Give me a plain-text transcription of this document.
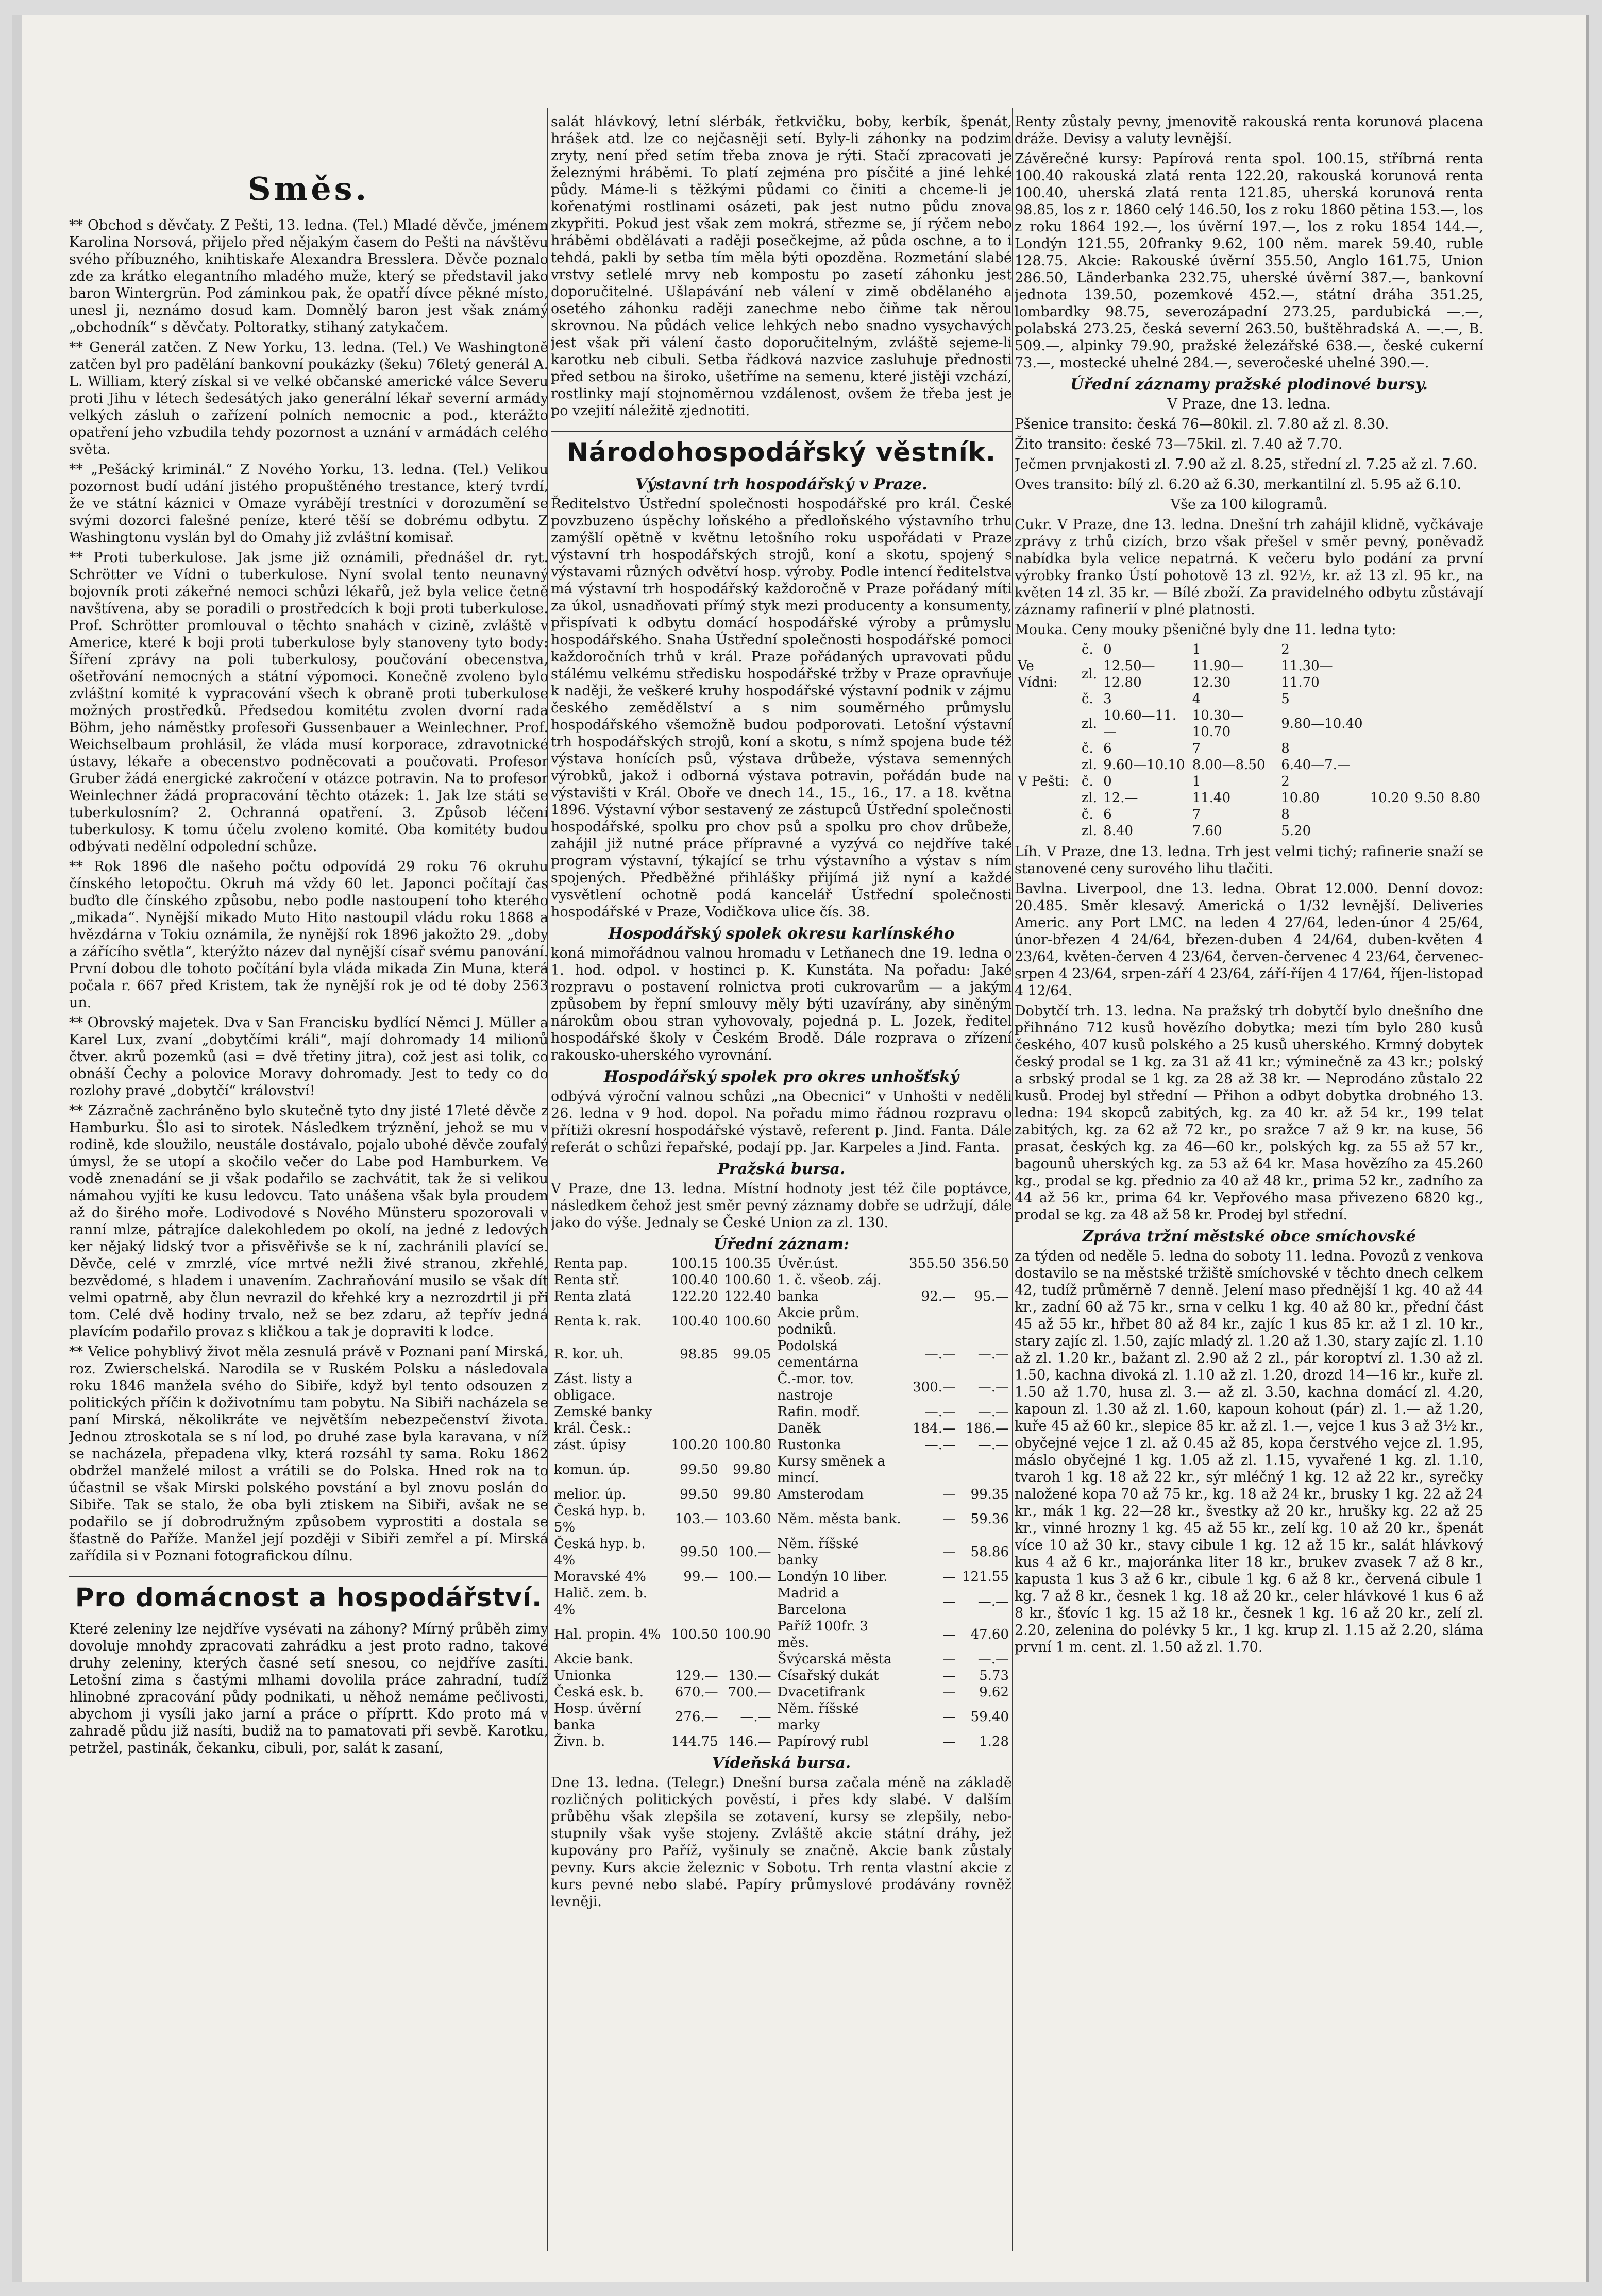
Směs.

** Obchod s děvčaty. Z Pešti, 13. ledna. (Tel.) Mladé děvče, jménem Karolina Norsová, přijelo před nějakým časem do Pešti na návštěvu svého příbuzného, knihtiskaře Alexandra Bresslera. Děvče poznalo zde za krátko elegantního mladého muže, který se představil jako baron Wintergrün. Pod záminkou pak, že opatří dívce pěkné místo, unesl ji, neznámo dosud kam. Domnělý baron jest však známý „obchodník“ s děvčaty. Poltoratky, stihaný zatykačem.

** Generál zatčen. Z New Yorku, 13. ledna. (Tel.) Ve Washingtoně zatčen byl pro padělání bankovní poukázky (šeku) 76letý generál A. L. William, který získal si ve velké občanské americké válce Severu proti Jihu v létech šedesátých jako generální lékař severní armády velkých zásluh o zařízení polních nemocnic a pod., kterážto opatření jeho vzbudila tehdy pozornost a uznání v armádách celého světa.

** „Pešácký kriminál.“ Z Nového Yorku, 13. ledna. (Tel.) Velikou pozornost budí udání jistého propuštěného trestance, který tvrdí, že ve státní káznici v Omaze vyrábějí trestníci v dorozumění se svými dozorci falešné peníze, které těší se dobrému odbytu. Z Washingtonu vyslán byl do Omahy již zvláštní komisař.

** Proti tuberkulose. Jak jsme již oznámili, přednášel dr. ryt. Schrötter ve Vídni o tuberkulose. Nyní svolal tento neunavný bojovník proti zákeřné nemoci schůzi lékařů, jež byla velice četně navštívena, aby se poradili o prostředcích k boji proti tuberkulose. Prof. Schrötter promlouval o těchto snahách v cizině, zvláště v Americe, které k boji proti tuberkulose byly stanoveny tyto body: Šíření zprávy na poli tuberkulosy, poučování obecenstva, ošetřování nemocných a státní výpomoci. Konečně zvoleno bylo zvláštní komité k vypracování všech k obraně proti tuberkulose možných prostředků. Předsedou komitétu zvolen dvorní rada Böhm, jeho náměstky profesoři Gussenbauer a Weinlechner. Prof. Weichselbaum prohlásil, že vláda musí korporace, zdravotnické ústavy, lékaře a obecenstvo podněcovati a poučovati. Profesor Gruber žádá energické zakročení v otázce potravin. Na to profesor Weinlechner žádá propracování těchto otázek: 1. Jak lze státi se tuberkulosním? 2. Ochranná opatření. 3. Způsob léčení tuberkulosy. K tomu účelu zvoleno komité. Oba komitéty budou odbývati nedělní odpolední schůze.

** Rok 1896 dle našeho počtu odpovídá 29 roku 76 okruhu čínského letopočtu. Okruh má vždy 60 let. Japonci počítají čas buďto dle čínského způsobu, nebo podle nastoupení toho kterého „mikada“. Nynější mikado Muto Hito nastoupil vládu roku 1868 a hvězdárna v Tokiu oznámila, že nynější rok 1896 jakožto 29. „doby a zářícího světla“, kterýžto název dal nynější císař svému panování. První dobou dle tohoto počítání byla vláda mikada Zin Muna, která počala r. 667 před Kristem, tak že nynější rok je od té doby 2563 un.

** Obrovský majetek. Dva v San Francisku bydlící Němci J. Müller a Karel Lux, zvaní „dobytčími králi“, mají dohromady 14 milionů čtver. akrů pozemků (asi = dvě třetiny jitra), což jest asi tolik, co obnáší Čechy a polovice Moravy dohromady. Jest to tedy co do rozlohy pravé „dobytčí“ království!

** Zázračně zachráněno bylo skutečně tyto dny jisté 17leté děvče z Hamburku. Šlo asi to sirotek. Následkem trýznění, jehož se mu v rodině, kde sloužilo, neustále dostávalo, pojalo ubohé děvče zoufalý úmysl, že se utopí a skočilo večer do Labe pod Hamburkem. Ve vodě znenadání se ji však podařilo se zachvátit, tak že si velikou námahou vyjíti ke kusu ledovcu. Tato unášena však byla proudem až do širého moře. Lodivodové s Nového Münsteru spozorovali v ranní mlze, pátrajíce dalekohledem po okolí, na jedné z ledových ker nějaký lidský tvor a přisvěřivše se k ní, zachránili plavící se. Děvče, celé v zmrzlé, více mrtvé nežli živé stranou, zkřehlé, bezvědomé, s hladem i unavením. Zachraňování musilo se však dít velmi opatrně, aby člun nevrazil do křehké kry a nezrozdrtil ji při tom. Celé dvě hodiny trvalo, než se bez zdaru, až tepřív jedná plavícím podařilo provaz s kličkou a tak je dopraviti k lodce.

** Velice pohyblivý život měla zesnulá právě v Poznani paní Mirská, roz. Zwierschelská. Narodila se v Ruském Polsku a následovala roku 1846 manžela svého do Sibiře, když byl tento odsouzen z politických příčin k doživotnímu tam pobytu. Na Sibiři nacházela se paní Mirská, několikráte ve největším nebezpečenství života. Jednou ztroskotala se s ní lod, po druhé zase byla karavana, v níž se nacházela, přepadena vlky, která rozsáhl ty sama. Roku 1862 obdržel manželé milost a vrátili se do Polska. Hned rok na to účastnil se však Mirski polského povstání a byl znovu poslán do Sibiře. Tak se stalo, že oba byli ztiskem na Sibiři, avšak ne se podařilo se jí dobrodružným způsobem vyprostiti a dostala se šťastně do Paříže. Manžel její později v Sibiři zemřel a pí. Mirská zařídila si v Poznani fotografickou dílnu.

Pro domácnost a hospodářství.

Které zeleniny lze nejdříve vysévati na záhony? Mírný průběh zimy dovoluje mnohdy zpracovati zahrádku a jest proto radno, takové druhy zeleniny, kterých časné setí snesou, co nejdříve zasíti. Letošní zima s častými mlhami dovolila práce zahradní, tudíž hlinobné zpracování půdy podnikati, u něhož nemáme pečlivosti, abychom ji vysíli jako jarní a práce o příprtt. Kdo proto má v zahradě půdu již nasíti, budiž na to pamatovati při sevbě. Karotku, petržel, pastinák, čekanku, cibuli, por, salát k zasaní,

salát hlávkový, letní slérbák, řetkvičku, boby, kerbík, špenát, hrášek atd. lze co nejčasněji setí. Byly-li záhonky na podzim zryty, není před setím třeba znova je rýti. Stačí zpracovati je železnými hráběmi. To platí zejména pro písčité a jiné lehké půdy. Máme-li s těžkými půdami co činiti a chceme-li je kořenatými rostlinami osázeti, pak jest nutno půdu znova zkypřiti. Pokud jest však zem mokrá, střezme se, jí rýčem nebo hráběmi obdělávati a raději posečkejme, až půda oschne, a to i tehdá, pakli by setba tím měla býti opozděna. Rozmetání slabé vrstvy setlelé mrvy neb kompostu po zasetí záhonku jest doporučitelné. Ušlapávání neb válení v zimě obdělaného a osetého záhonku raději zanechme nebo čiňme tak něrou skrovnou. Na půdách velice lehkých nebo snadno vysychavých jest však při válení často doporučitelným, zvláště sejeme-li karotku neb cibuli. Setba řádková nazvice zasluhuje přednosti před setbou na široko, ušetříme na semenu, které jistěji vzchází, rostlinky mají stojnoměrnou vzdálenost, ovšem že třeba jest je po vzejití náležitě zjednotiti.

Národohospodářský věstník.
Výstavní trh hospodářský v Praze.

Ředitelstvo Ústřední společnosti hospodářské pro král. České povzbuzeno úspěchy loňského a předloňského výstavního trhu zamýšlí opětně v květnu letošního roku uspořádati v Praze výstavní trh hospodářských strojů, koní a skotu, spojený s výstavami různých odvětví hosp. výroby. Podle intencí ředitelstva má výstavní trh hospodářský každoročně v Praze pořádaný míti za úkol, usnadňovati přímý styk mezi producenty a konsumenty, přispívati k odbytu domácí hospodářské výroby a průmyslu hospodářského. Snaha Ústřední společnosti hospodářské pomoci každoročních trhů v král. Praze pořádaných upravovati půdu stálému velkému středisku hospodářské tržby v Praze opravňuje k naději, že veškeré kruhy hospodářské výstavní podnik v zájmu českého zemědělství a s nim souměrného průmyslu hospodářského všemožně budou podporovati. Letošní výstavní trh hospodářských strojů, koní a skotu, s nímž spojena bude též výstava honících psů, výstava drůbeže, výstava semenných výrobků, jakož i odborná výstava potravin, pořádán bude na výstavišti v Král. Oboře ve dnech 14., 15., 16., 17. a 18. května 1896. Výstavní výbor sestavený ze zástupců Ústřední společnosti hospodářské, spolku pro chov psů a spolku pro chov drůbeže, zahájil již nutné práce přípravné a vyzývá co nejdříve také program výstavní, týkající se trhu výstavního a výstav s ním spojených. Předběžné přihlášky přijímá již nyní a každé vysvětlení ochotně podá kancelář Ústřední společnosti hospodářské v Praze, Vodičkova ulice čís. 38.

Hospodářský spolek okresu karlínského

koná mimořádnou valnou hromadu v Letňanech dne 19. ledna o 1. hod. odpol. v hostinci p. K. Kunstáta. Na pořadu: Jaké rozpravu o postavení rolnictva proti cukrovarům — a jakým způsobem by řepní smlouvy měly býti uzavírány, aby siněným nárokům obou stran vyhovovaly, pojedná p. L. Jozek, ředitel hospodářské školy v Českém Brodě. Dále rozprava o zřízení rakousko-uherského vyrovnání.

Hospodářský spolek pro okres unhošťský

odbývá výroční valnou schůzi „na Obecnici“ v Unhošti v neděli 26. ledna v 9 hod. dopol. Na pořadu mimo řádnou rozpravu o přítiži okresní hospodářské výstavě, referent p. Jind. Fanta. Dále referát o schůzi řepařské, podají pp. Jar. Karpeles a Jind. Fanta.

Pražská bursa.

V Praze, dne 13. ledna. Místní hodnoty jest též čile poptávce, následkem čehož jest směr pevný záznamy dobře se udržují, dále jako do výše. Jednaly se České Union za zl. 130.

Úřední záznam:
Renta pap.	100.15	100.35	Úvěr.úst.	355.50	356.50
Renta stř.	100.40	100.60	1. č. všeob. záj.		
Renta zlatá	122.20	122.40	banka	92.—	95.—
Renta k. rak.	100.40	100.60	Akcie prům. podniků.		
R. kor. uh.	98.85	99.05	Podolská cementárna	—.—	—.—
Zást. listy a obligace.			Č.-mor. tov. nastroje	300.—	—.—
Zemské banky			Rafin. modř.	—.—	—.—
král. Česk.:			Daněk	184.—	186.—
zást. úpisy	100.20	100.80	Rustonka	—.—	—.—
komun. úp.	99.50	99.80	Kursy směnek a mincí.		
melior. úp.	99.50	99.80	Amsterodam	—	99.35
Česká hyp. b. 5%	103.—	103.60	Něm. města bank.	—	59.36
Česká hyp. b. 4%	99.50	100.—	Něm. říšské banky	—	58.86
Moravské 4%	99.—	100.—	Londýn 10 liber.	—	121.55
Halič. zem. b. 4%			Madrid a Barcelona	—	—.—
Hal. propin. 4%	100.50	100.90	Paříž 100fr. 3 měs.	—	47.60
Akcie bank.			Švýcarská města	—	—.—
Unionka	129.—	130.—	Císařský dukát	—	5.73
Česká esk. b.	670.—	700.—	Dvacetifrank	—	9.62
Hosp. úvěrní banka	276.—	—.—	Něm. říšské marky	—	59.40
Živn. b.	144.75	146.—	Papírový rubl	—	1.28
Vídeňská bursa.

Dne 13. ledna. (Telegr.) Dnešní bursa začala méně na základě rozličných politických pověstí, i přes kdy slabé. V dalším průběhu však zlepšila se zotavení, kursy se zlepšily, nebo-stupnily však vyše stojeny. Zvláště akcie státní dráhy, jež kupovány pro Paříž, vyšinuly se značně. Akcie bank zůstaly pevny. Kurs akcie železnic v Sobotu. Trh renta vlastní akcie z kurs pevné nebo slabé. Papíry průmyslové prodávány rovněž levněji.

Renty zůstaly pevny, jmenovitě rakouská renta korunová placena dráže. Devisy a valuty levnější.

Závěrečné kursy: Papírová renta spol. 100.15, stříbrná renta 100.40 rakouská zlatá renta 122.20, rakouská korunová renta 100.40, uherská zlatá renta 121.85, uherská korunová renta 98.85, los z r. 1860 celý 146.50, los z roku 1860 pětina 153.—, los z roku 1864 192.—, los úvěrní 197.—, los z roku 1854 144.—, Londýn 121.55, 20franky 9.62, 100 něm. marek 59.40, ruble 128.75. Akcie: Rakouské úvěrní 355.50, Anglo 161.75, Union 286.50, Länderbanka 232.75, uherské úvěrní 387.—, bankovní jednota 139.50, pozemkové 452.—, státní dráha 351.25, lombardky 98.75, severozápadní 273.25, pardubická —.—, polabská 273.25, česká severní 263.50, buštěhradská A. —.—, B. 509.—, alpinky 79.90, pražské železářské 638.—, české cukerní 73.—, mostecké uhelné 284.—, severočeské uhelné 390.—.

Úřední záznamy pražské plodinové bursy.

V Praze, dne 13. ledna.

Pšenice transito: česká 76—80kil. zl. 7.80 až zl. 8.30.

Žito transito: české 73—75kil. zl. 7.40 až 7.70.

Ječmen prvnjakosti zl. 7.90 až zl. 8.25, střední zl. 7.25 až zl. 7.60.

Oves transito: bílý zl. 6.20 až 6.30, merkantilní zl. 5.95 až 6.10.

Vše za 100 kilogramů.

Cukr. V Praze, dne 13. ledna. Dnešní trh zahájil klidně, vyčkávaje zprávy z trhů cizích, brzo však přešel v směr pevný, poněvadž nabídka byla velice nepatrná. K večeru bylo podání za první výrobky franko Ústí pohotově 13 zl. 92½, kr. až 13 zl. 95 kr., na květen 14 zl. 35 kr. — Bílé zboží. Za pravidelného odbytu zůstávají záznamy rafinerií v plné platnosti.

Mouka. Ceny mouky pšeničné byly dne 11. ledna tyto:

	č.	0	1	2			
Ve Vídni:	zl.	12.50—12.80	11.90—12.30	11.30—11.70			
	č.	3	4	5			
	zl.	10.60—11.—	10.30—10.70	9.80—10.40			
	č.	6	7	8			
	zl.	9.60—10.10	8.00—8.50	6.40—7.—			
V Pešti:	č.	0	1	2			
	zl.	12.—	11.40	10.80	10.20	9.50	8.80
	č.	6	7	8			
	zl.	8.40	7.60	5.20			

Líh. V Praze, dne 13. ledna. Trh jest velmi tichý; rafinerie snaží se stanovené ceny surového lihu tlačiti.

Bavlna. Liverpool, dne 13. ledna. Obrat 12.000. Denní dovoz: 20.485. Směr klesavý. Americká o 1/32 levnější. Deliveries Americ. any Port LMC. na leden 4 27/64, leden-únor 4 25/64, únor-březen 4 24/64, březen-duben 4 24/64, duben-květen 4 23/64, květen-červen 4 23/64, červen-červenec 4 23/64, červenec-srpen 4 23/64, srpen-září 4 23/64, září-říjen 4 17/64, říjen-listopad 4 12/64.

Dobytčí trh. 13. ledna. Na pražský trh dobytčí bylo dnešního dne přihnáno 712 kusů hovězího dobytka; mezi tím bylo 280 kusů českého, 407 kusů polského a 25 kusů uherského. Krmný dobytek český prodal se 1 kg. za 31 až 41 kr.; výminečně za 43 kr.; polský a srbský prodal se 1 kg. za 28 až 38 kr. — Neprodáno zůstalo 22 kusů. Prodej byl střední — Přihon a odbyt dobytka drobného 13. ledna: 194 skopců zabitých, kg. za 40 kr. až 54 kr., 199 telat zabitých, kg. za 62 až 72 kr., po sražce 7 až 9 kr. na kuse, 56 prasat, českých kg. za 46—60 kr., polských kg. za 55 až 57 kr., bagounů uherských kg. za 53 až 64 kr. Masa hovězího za 45.260 kg., prodal se kg. přednio za 40 až 48 kr., prima 52 kr., zadního za 44 až 56 kr., prima 64 kr. Vepřového masa přivezeno 6820 kg., prodal se kg. za 48 až 58 kr. Prodej byl střední.

Zpráva tržní městské obce smíchovské

za týden od neděle 5. ledna do soboty 11. ledna. Povozů z venkova dostavilo se na městské tržiště smíchovské v těchto dnech celkem 42, tudíž průměrně 7 denně. Jelení maso přednější 1 kg. 40 až 44 kr., zadní 60 až 75 kr., srna v celku 1 kg. 40 až 80 kr., přední část 45 až 55 kr., hřbet 80 až 84 kr., zajíc 1 kus 85 kr. až 1 zl. 10 kr., stary zajíc zl. 1.50, zajíc mladý zl. 1.20 až 1.30, stary zajíc zl. 1.10 až zl. 1.20 kr., bažant zl. 2.90 až 2 zl., pár koroptví zl. 1.30 až zl. 1.50, kachna divoká zl. 1.10 až zl. 1.20, drozd 14—16 kr., kuře zl. 1.50 až 1.70, husa zl. 3.— až zl. 3.50, kachna domácí zl. 4.20, kapoun zl. 1.30 až zl. 1.60, kapoun kohout (pár) zl. 1.— až 1.20, kuře 45 až 60 kr., slepice 85 kr. až zl. 1.—, vejce 1 kus 3 až 3½ kr., obyčejné vejce 1 zl. až 0.45 až 85, kopa čerstvého vejce zl. 1.95, máslo obyčejné 1 kg. 1.05 až zl. 1.15, vyvařené 1 kg. zl. 1.10, tvaroh 1 kg. 18 až 22 kr., sýr mléčný 1 kg. 12 až 22 kr., syrečky naložené kopa 70 až 75 kr., kg. 18 až 24 kr., brusky 1 kg. 22 až 24 kr., mák 1 kg. 22—28 kr., švestky až 20 kr., hrušky kg. 22 až 25 kr., vinné hrozny 1 kg. 45 až 55 kr., zelí kg. 10 až 20 kr., špenát více 10 až 30 kr., stavy cibule 1 kg. 12 až 15 kr., salát hlávkový kus 4 až 6 kr., majoránka liter 18 kr., brukev zvasek 7 až 8 kr., kapusta 1 kus 3 až 6 kr., cibule 1 kg. 6 až 8 kr., červená cibule 1 kg. 7 až 8 kr., česnek 1 kg. 18 až 20 kr., celer hlávkové 1 kus 6 až 8 kr., šťovíc 1 kg. 15 až 18 kr., česnek 1 kg. 16 až 20 kr., zelí zl. 2.20, zelenina do polévky 5 kr., 1 kg. krup zl. 1.15 až 2.20, sláma první 1 m. cent. zl. 1.50 až zl. 1.70.
